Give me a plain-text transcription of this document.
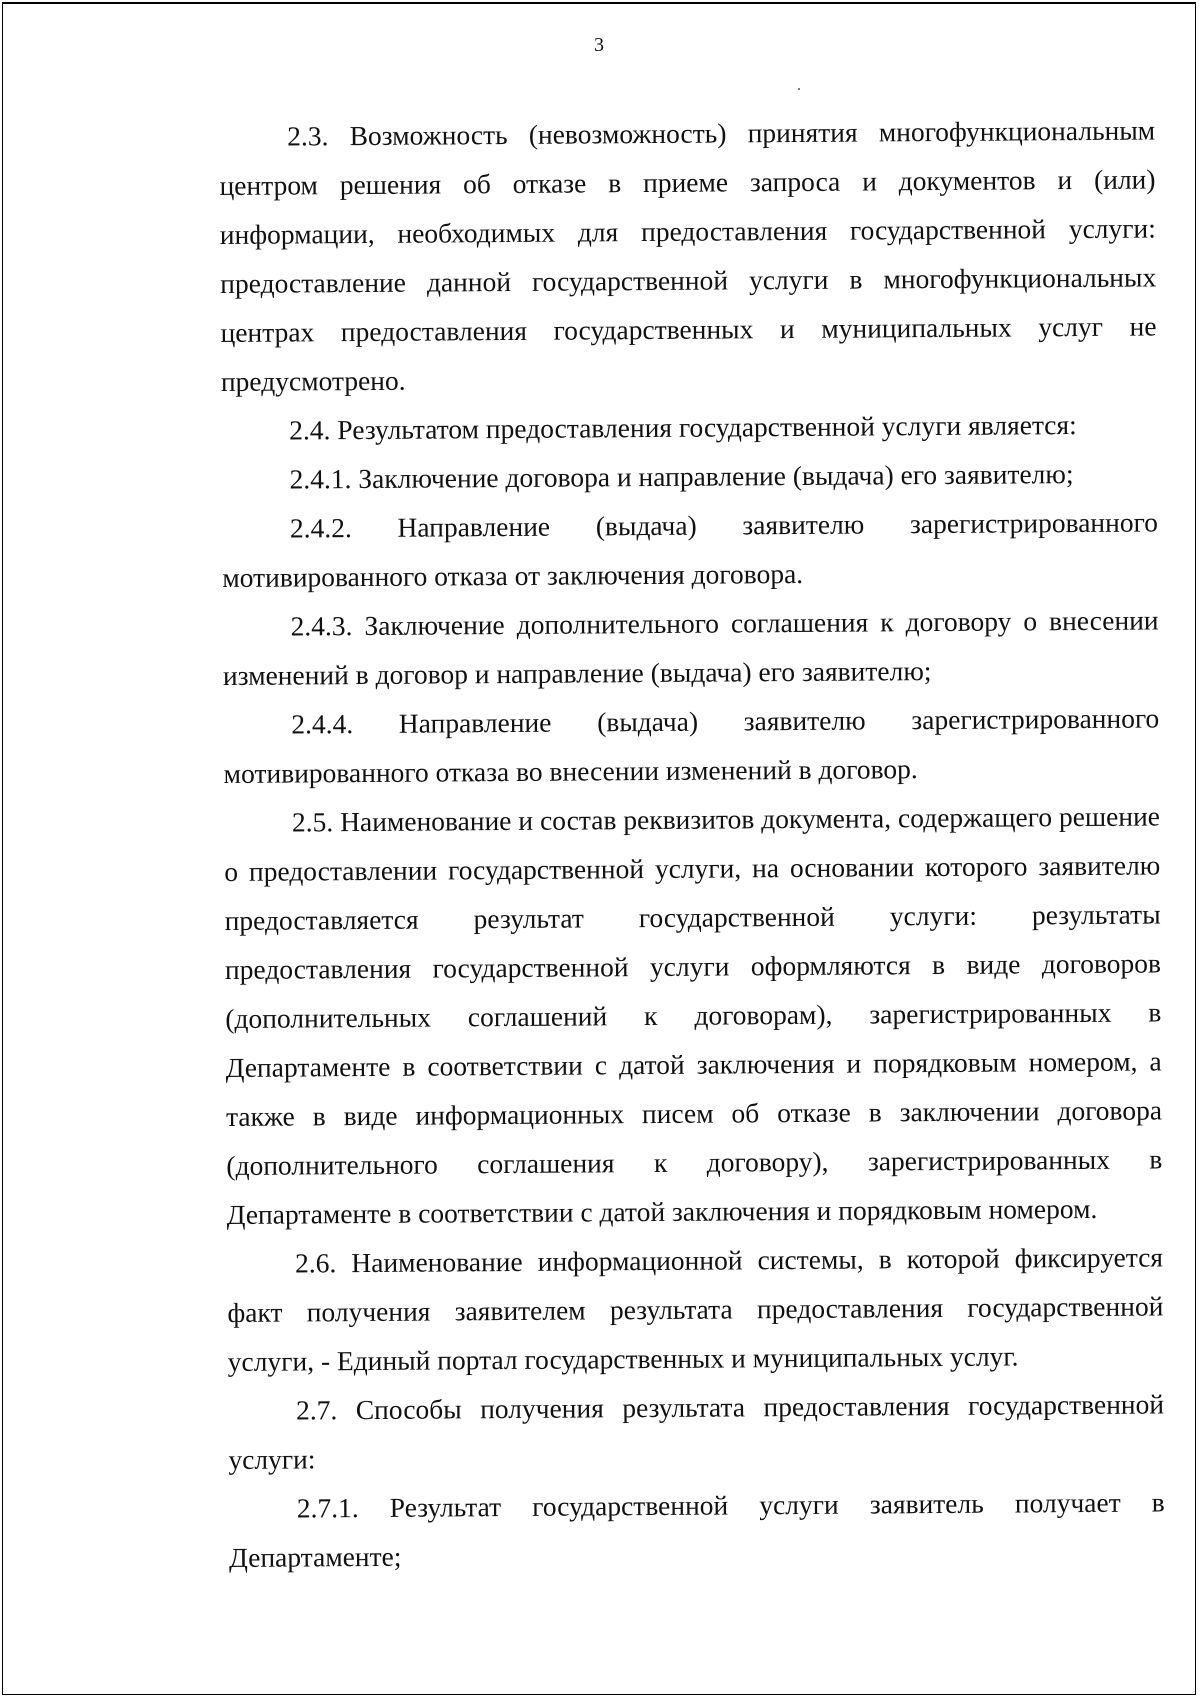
3

2.3. Возможность (невозможность) принятия многофункциональным центром решения об отказе в приеме запроса и документов и (или) информации, необходимых для предоставления государственной услуги: предоставление данной государственной услуги в многофункциональных центрах предоставления государственных и муниципальных услуг не предусмотрено.

2.4. Результатом предоставления государственной услуги является:

2.4.1. Заключение договора и направление (выдача) его заявителю;

2.4.2. Направление (выдача) заявителю зарегистрированного мотивированного отказа от заключения договора.

2.4.3. Заключение дополнительного соглашения к договору о внесении изменений в договор и направление (выдача) его заявителю;

2.4.4. Направление (выдача) заявителю зарегистрированного мотивированного отказа во внесении изменений в договор.

2.5. Наименование и состав реквизитов документа, содержащего решение о предоставлении государственной услуги, на основании которого заявителю предоставляется результат государственной услуги: результаты предоставления государственной услуги оформляются в виде договоров (дополнительных соглашений к договорам), зарегистрированных в Департаменте в соответствии с датой заключения и порядковым номером, а также в виде информационных писем об отказе в заключении договора (дополнительного соглашения к договору), зарегистрированных в Департаменте в соответствии с датой заключения и порядковым номером.

2.6. Наименование информационной системы, в которой фиксируется факт получения заявителем результата предоставления государственной услуги, - Единый портал государственных и муниципальных услуг.

2.7. Способы получения результата предоставления государственной услуги:

2.7.1. Результат государственной услуги заявитель получает в Департаменте;
